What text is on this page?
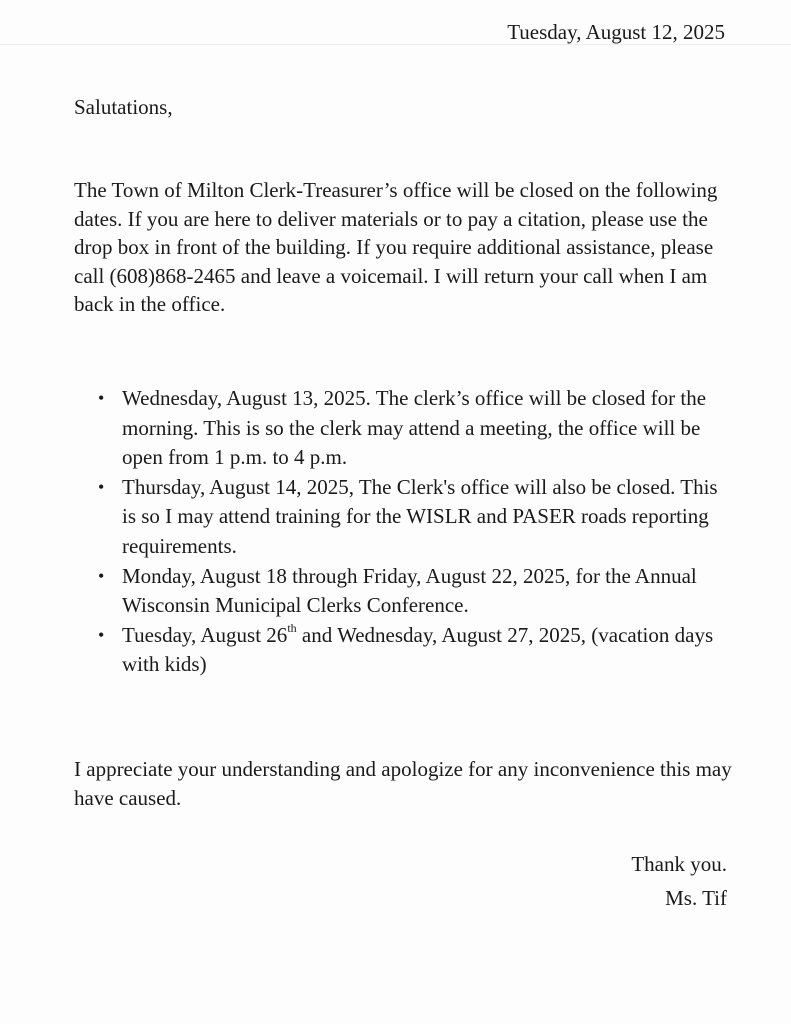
Tuesday, August 12, 2025
Salutations,

The Town of Milton Clerk-Treasurer’s office will be closed on the following dates. If you are here to deliver materials or to pay a citation, please use the drop box in front of the building. If you require additional assistance, please call (608)868-2465 and leave a voicemail. I will return your call when I am back in the office.

• Wednesday, August 13, 2025. The clerk’s office will be closed for the morning. This is so the clerk may attend a meeting, the office will be open from 1 p.m. to 4 p.m.
• Thursday, August 14, 2025, The Clerk's office will also be closed. This is so I may attend training for the WISLR and PASER roads reporting requirements.
• Monday, August 18 through Friday, August 22, 2025, for the Annual Wisconsin Municipal Clerks Conference.
• Tuesday, August 26th and Wednesday, August 27, 2025, (vacation days with kids)

I appreciate your understanding and apologize for any inconvenience this may have caused.

Thank you.
Ms. Tif
